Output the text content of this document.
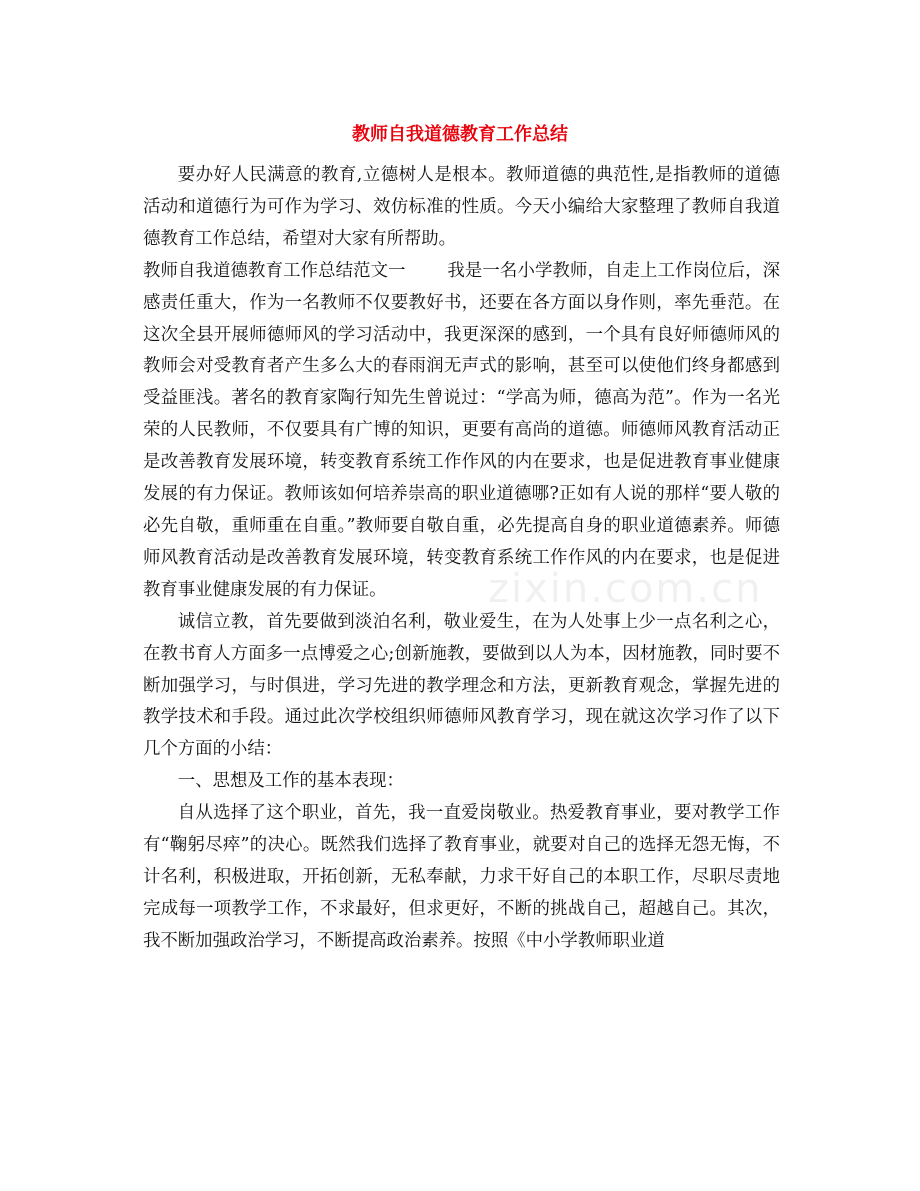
zixin.com.cn
教师自我道德教育工作总结

要办好人民满意的教育,立德树人是根本。教师道德的典范性,是指教师的道德活动和道德行为可作为学习、效仿标准的性质。今天小编给大家整理了教师自我道德教育工作总结，希望对大家有所帮助。

教师自我道德教育工作总结范文一 我是一名小学教师，自走上工作岗位后，深感责任重大，作为一名教师不仅要教好书，还要在各方面以身作则，率先垂范。在这次全县开展师德师风的学习活动中，我更深深的感到，一个具有良好师德师风的教师会对受教育者产生多么大的春雨润无声式的影响，甚至可以使他们终身都感到受益匪浅。著名的教育家陶行知先生曾说过：“学高为师，德高为范”。作为一名光荣的人民教师，不仅要具有广博的知识，更要有高尚的道德。师德师风教育活动正是改善教育发展环境，转变教育系统工作作风的内在要求，也是促进教育事业健康发展的有力保证。教师该如何培养崇高的职业道德哪?正如有人说的那样“要人敬的必先自敬，重师重在自重。”教师要自敬自重，必先提高自身的职业道德素养。师德师风教育活动是改善教育发展环境，转变教育系统工作作风的内在要求，也是促进教育事业健康发展的有力保证。

诚信立教，首先要做到淡泊名利，敬业爱生，在为人处事上少一点名利之心，在教书育人方面多一点博爱之心;创新施教，要做到以人为本，因材施教，同时要不断加强学习，与时俱进，学习先进的教学理念和方法，更新教育观念，掌握先进的教学技术和手段。通过此次学校组织师德师风教育学习，现在就这次学习作了以下几个方面的小结：

一、思想及工作的基本表现：

自从选择了这个职业，首先，我一直爱岗敬业。热爱教育事业，要对教学工作有“鞠躬尽瘁”的决心。既然我们选择了教育事业，就要对自己的选择无怨无悔，不计名利，积极进取，开拓创新，无私奉献，力求干好自己的本职工作，尽职尽责地完成每一项教学工作，不求最好，但求更好，不断的挑战自己，超越自己。其次，我不断加强政治学习，不断提高政治素养。按照《中小学教师职业道
